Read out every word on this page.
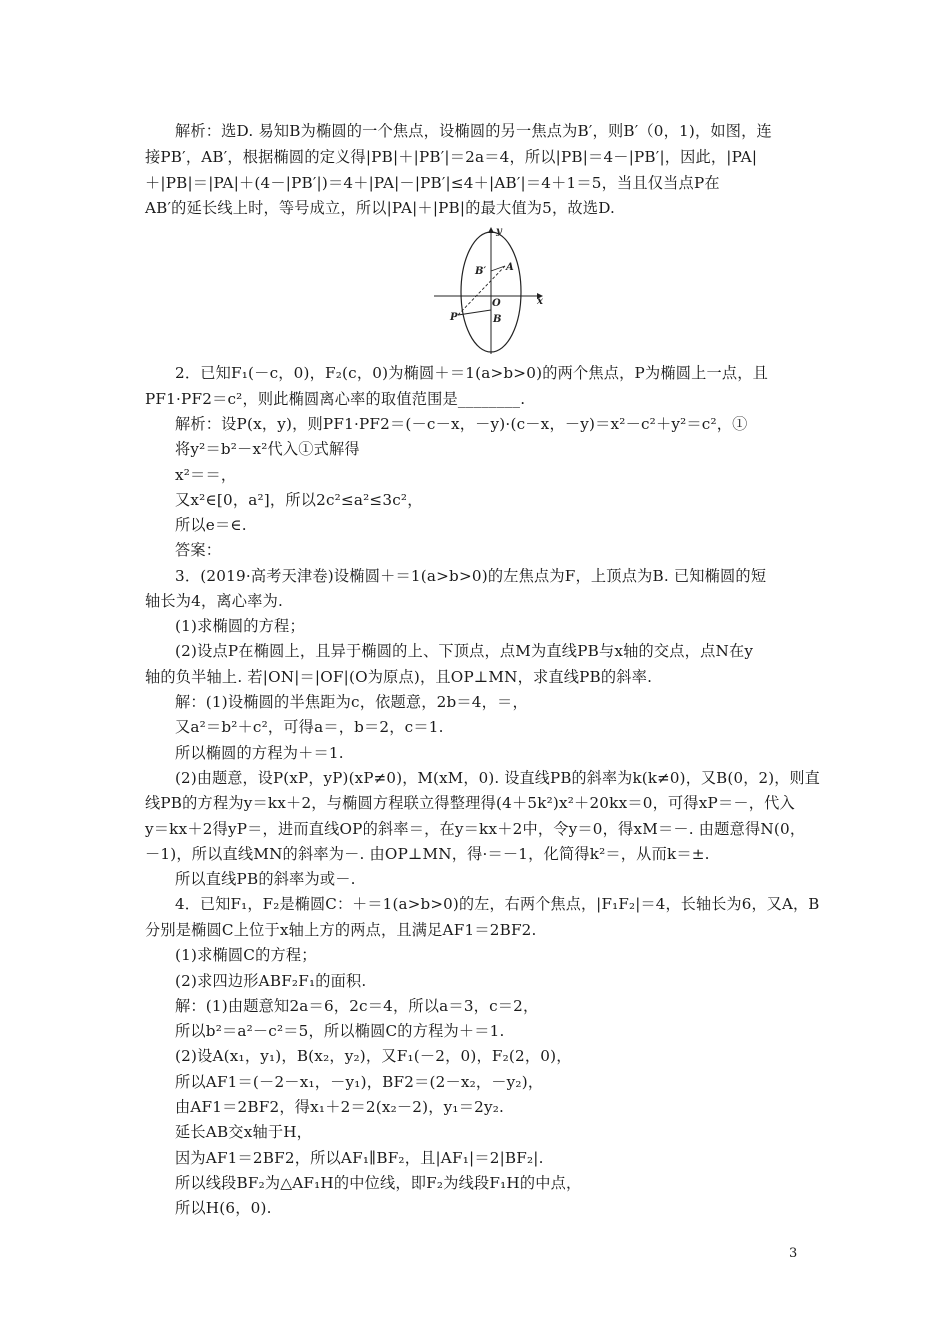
解析：选D. 易知B为椭圆的一个焦点，设椭圆的另一焦点为B′，则B′（0，1)，如图，连
接PB′，AB′，根据椭圆的定义得|PB|＋|PB′|＝2a＝4，所以|PB|＝4－|PB′|，因此，|PA|
＋|PB|＝|PA|＋(4－|PB′|)＝4＋|PA|－|PB′|≤4＋|AB′|＝4＋1＝5，当且仅当点P在
AB′的延长线上时，等号成立，所以|PA|＋|PB|的最大值为5，故选D.
y
x
B′ A
O
P	B
2．已知F₁(－c，0)，F₂(c，0)为椭圆＋＝1(a>b>0)的两个焦点，P为椭圆上一点，且
PF1·PF2＝c²，则此椭圆离心率的取值范围是________.
解析：设P(x，y)，则PF1·PF2＝(－c－x，－y)·(c－x，－y)＝x²－c²＋y²＝c²，①
将y²＝b²－x²代入①式解得
x²＝＝，
又x²∈[0，a²]，所以2c²≤a²≤3c²，
所以e＝∈.
答案：
3．(2019·高考天津卷)设椭圆＋＝1(a>b>0)的左焦点为F，上顶点为B. 已知椭圆的短
轴长为4，离心率为.
(1)求椭圆的方程；
(2)设点P在椭圆上，且异于椭圆的上、下顶点，点M为直线PB与x轴的交点，点N在y
轴的负半轴上. 若|ON|＝|OF|(O为原点)，且OP⊥MN，求直线PB的斜率.
解：(1)设椭圆的半焦距为c，依题意，2b＝4，＝，
又a²＝b²＋c²，可得a＝，b＝2，c＝1.
所以椭圆的方程为＋＝1.
(2)由题意，设P(xP，yP)(xP≠0)，M(xM，0). 设直线PB的斜率为k(k≠0)，又B(0，2)，则直
线PB的方程为y＝kx＋2，与椭圆方程联立得整理得(4＋5k²)x²＋20kx＝0，可得xP＝－，代入
y＝kx＋2得yP＝，进而直线OP的斜率＝，在y＝kx＋2中，令y＝0，得xM＝－. 由题意得N(0，
－1)，所以直线MN的斜率为－. 由OP⊥MN，得·＝－1，化简得k²＝，从而k＝±.
所以直线PB的斜率为或－.
4．已知F₁，F₂是椭圆C：＋＝1(a>b>0)的左，右两个焦点，|F₁F₂|＝4，长轴长为6，又A，B
分别是椭圆C上位于x轴上方的两点，且满足AF1＝2BF2.
(1)求椭圆C的方程；
(2)求四边形ABF₂F₁的面积.
解：(1)由题意知2a＝6，2c＝4，所以a＝3，c＝2，
所以b²＝a²－c²＝5，所以椭圆C的方程为＋＝1.
(2)设A(x₁，y₁)，B(x₂，y₂)，又F₁(－2，0)，F₂(2，0)，
所以AF1＝(－2－x₁，－y₁)，BF2＝(2－x₂，－y₂)，
由AF1＝2BF2，得x₁＋2＝2(x₂－2)，y₁＝2y₂.
延长AB交x轴于H，
因为AF1＝2BF2，所以AF₁∥BF₂，且|AF₁|＝2|BF₂|.
所以线段BF₂为△AF₁H的中位线，即F₂为线段F₁H的中点，
所以H(6，0).
3
